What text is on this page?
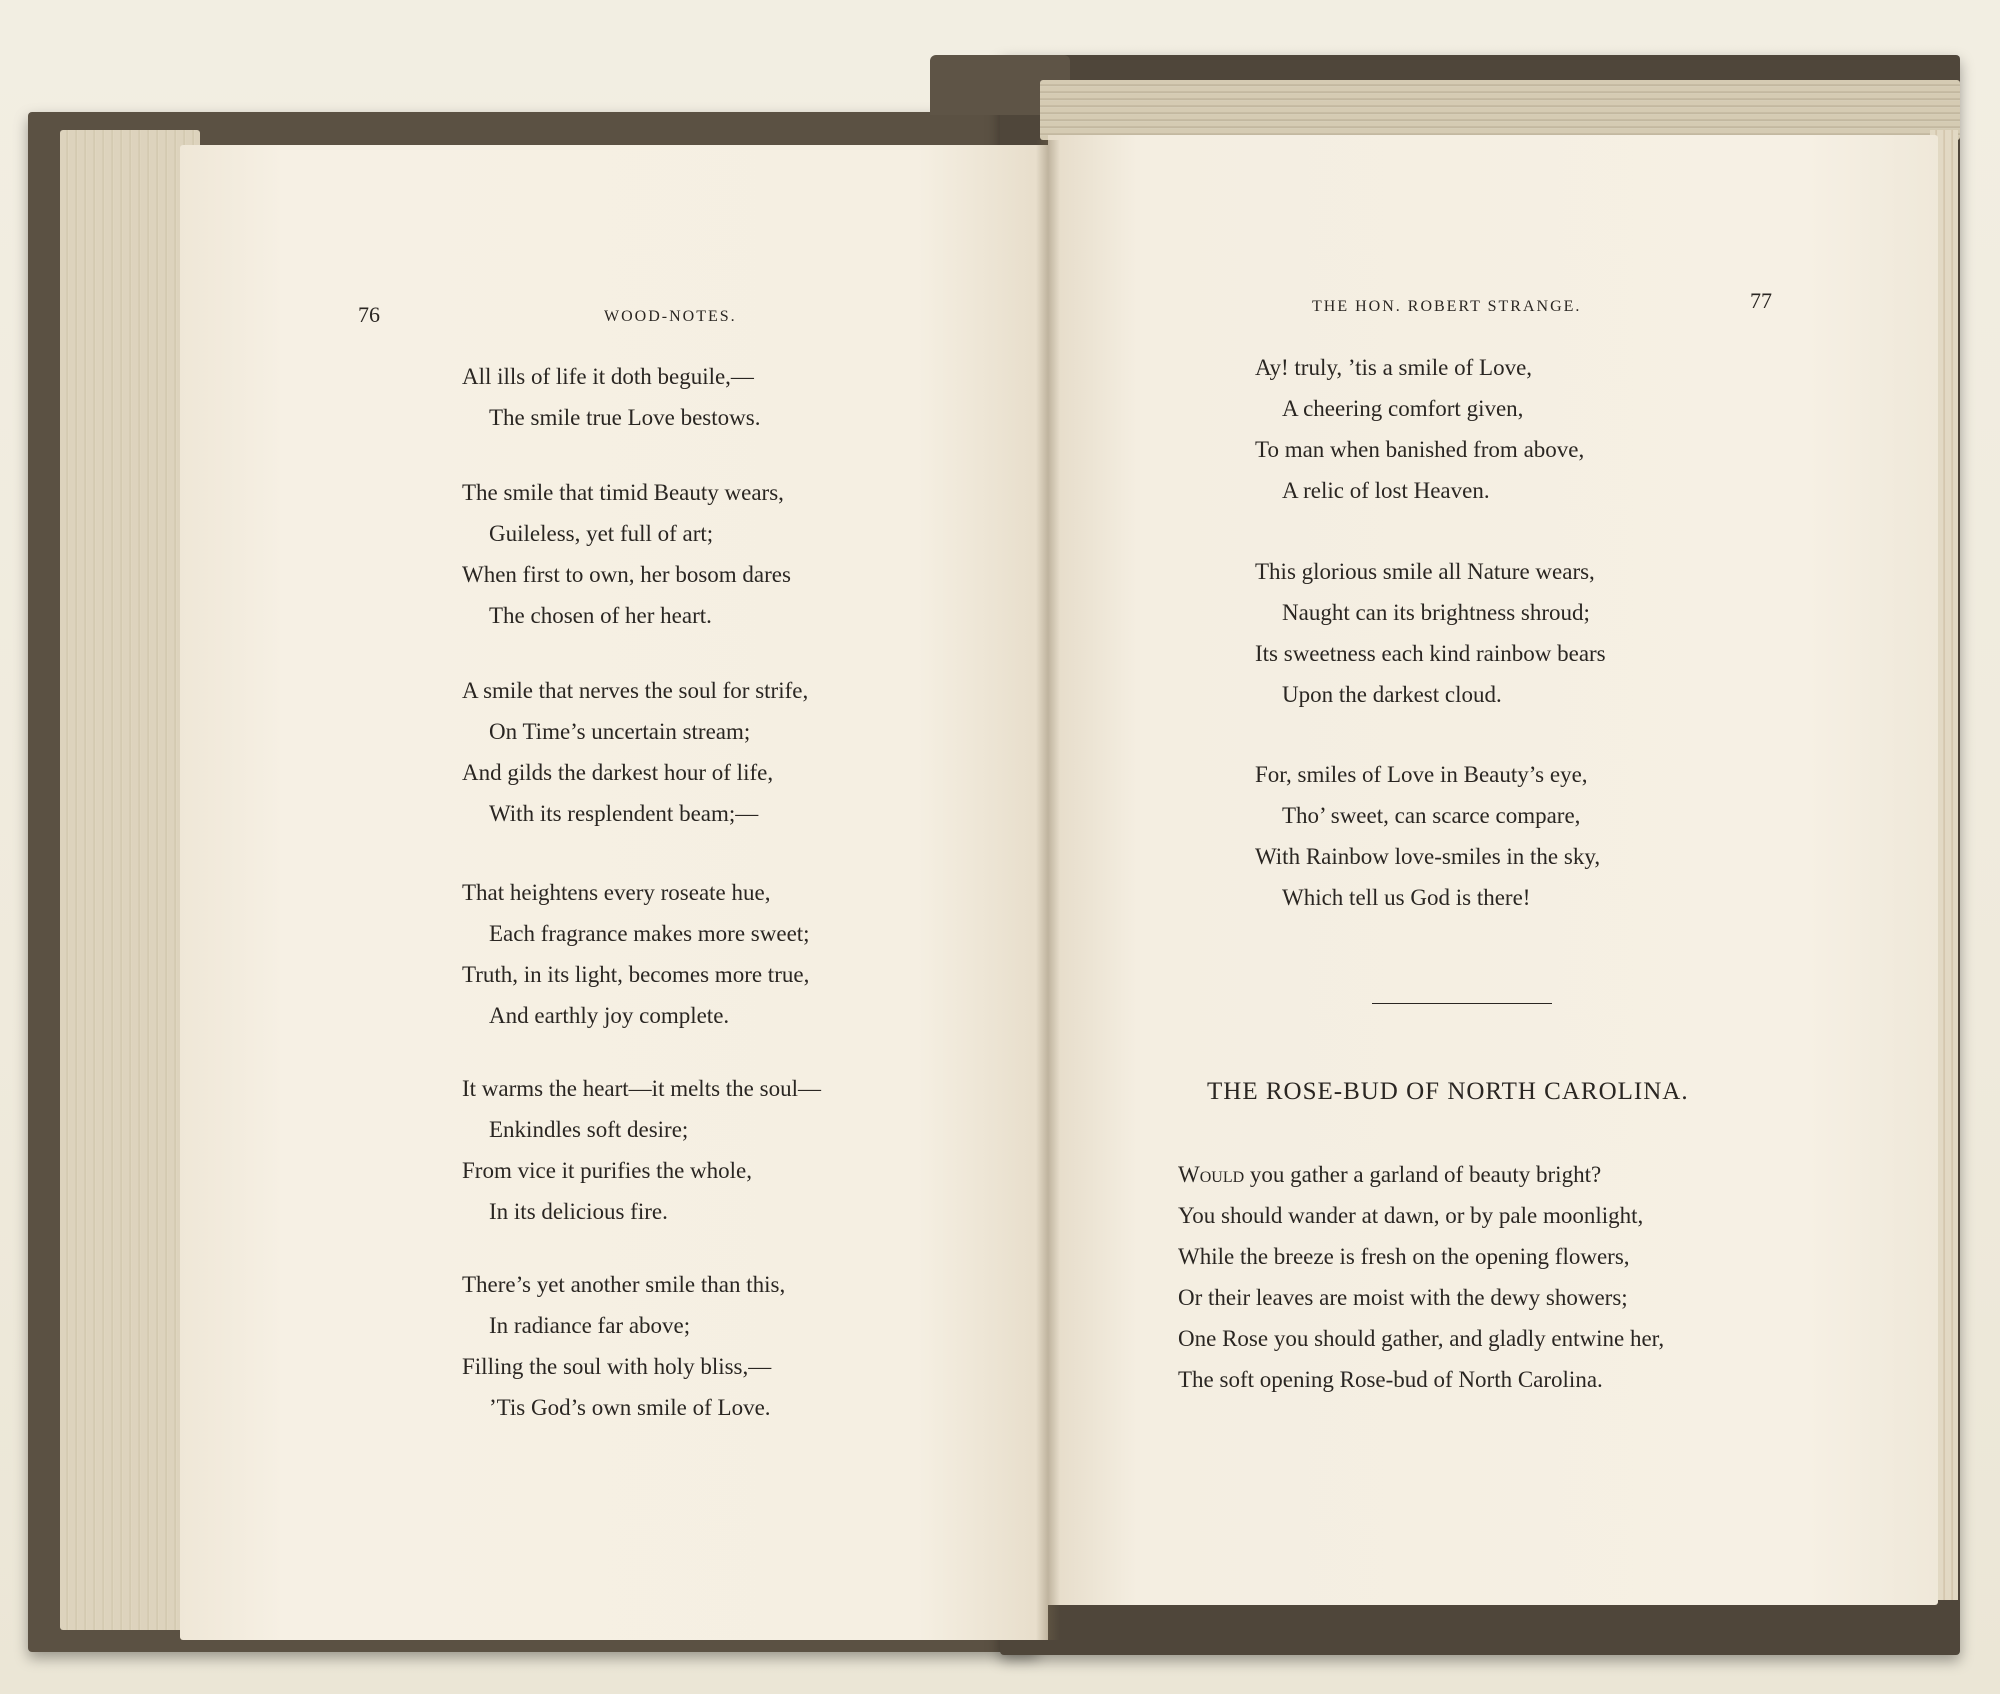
76	WOOD-NOTES.
All ills of life it doth beguile,—
The smile true Love bestows.
The smile that timid Beauty wears,
Guileless, yet full of art;
When first to own, her bosom dares
The chosen of her heart.
A smile that nerves the soul for strife,
On Time’s uncertain stream;
And gilds the darkest hour of life,
With its resplendent beam;—
That heightens every roseate hue,
Each fragrance makes more sweet;
Truth, in its light, becomes more true,
And earthly joy complete.
It warms the heart—it melts the soul—
Enkindles soft desire;
From vice it purifies the whole,
In its delicious fire.
There’s yet another smile than this,
In radiance far above;
Filling the soul with holy bliss,—
’Tis God’s own smile of Love.
THE HON. ROBERT STRANGE.	77
Ay! truly, ’tis a smile of Love,
A cheering comfort given,
To man when banished from above,
A relic of lost Heaven.
This glorious smile all Nature wears,
Naught can its brightness shroud;
Its sweetness each kind rainbow bears
Upon the darkest cloud.
For, smiles of Love in Beauty’s eye,
Tho’ sweet, can scarce compare,
With Rainbow love-smiles in the sky,
Which tell us God is there!
THE ROSE-BUD OF NORTH CAROLINA.
Would you gather a garland of beauty bright?
You should wander at dawn, or by pale moonlight,
While the breeze is fresh on the opening flowers,
Or their leaves are moist with the dewy showers;
One Rose you should gather, and gladly entwine her,
The soft opening Rose-bud of North Carolina.
